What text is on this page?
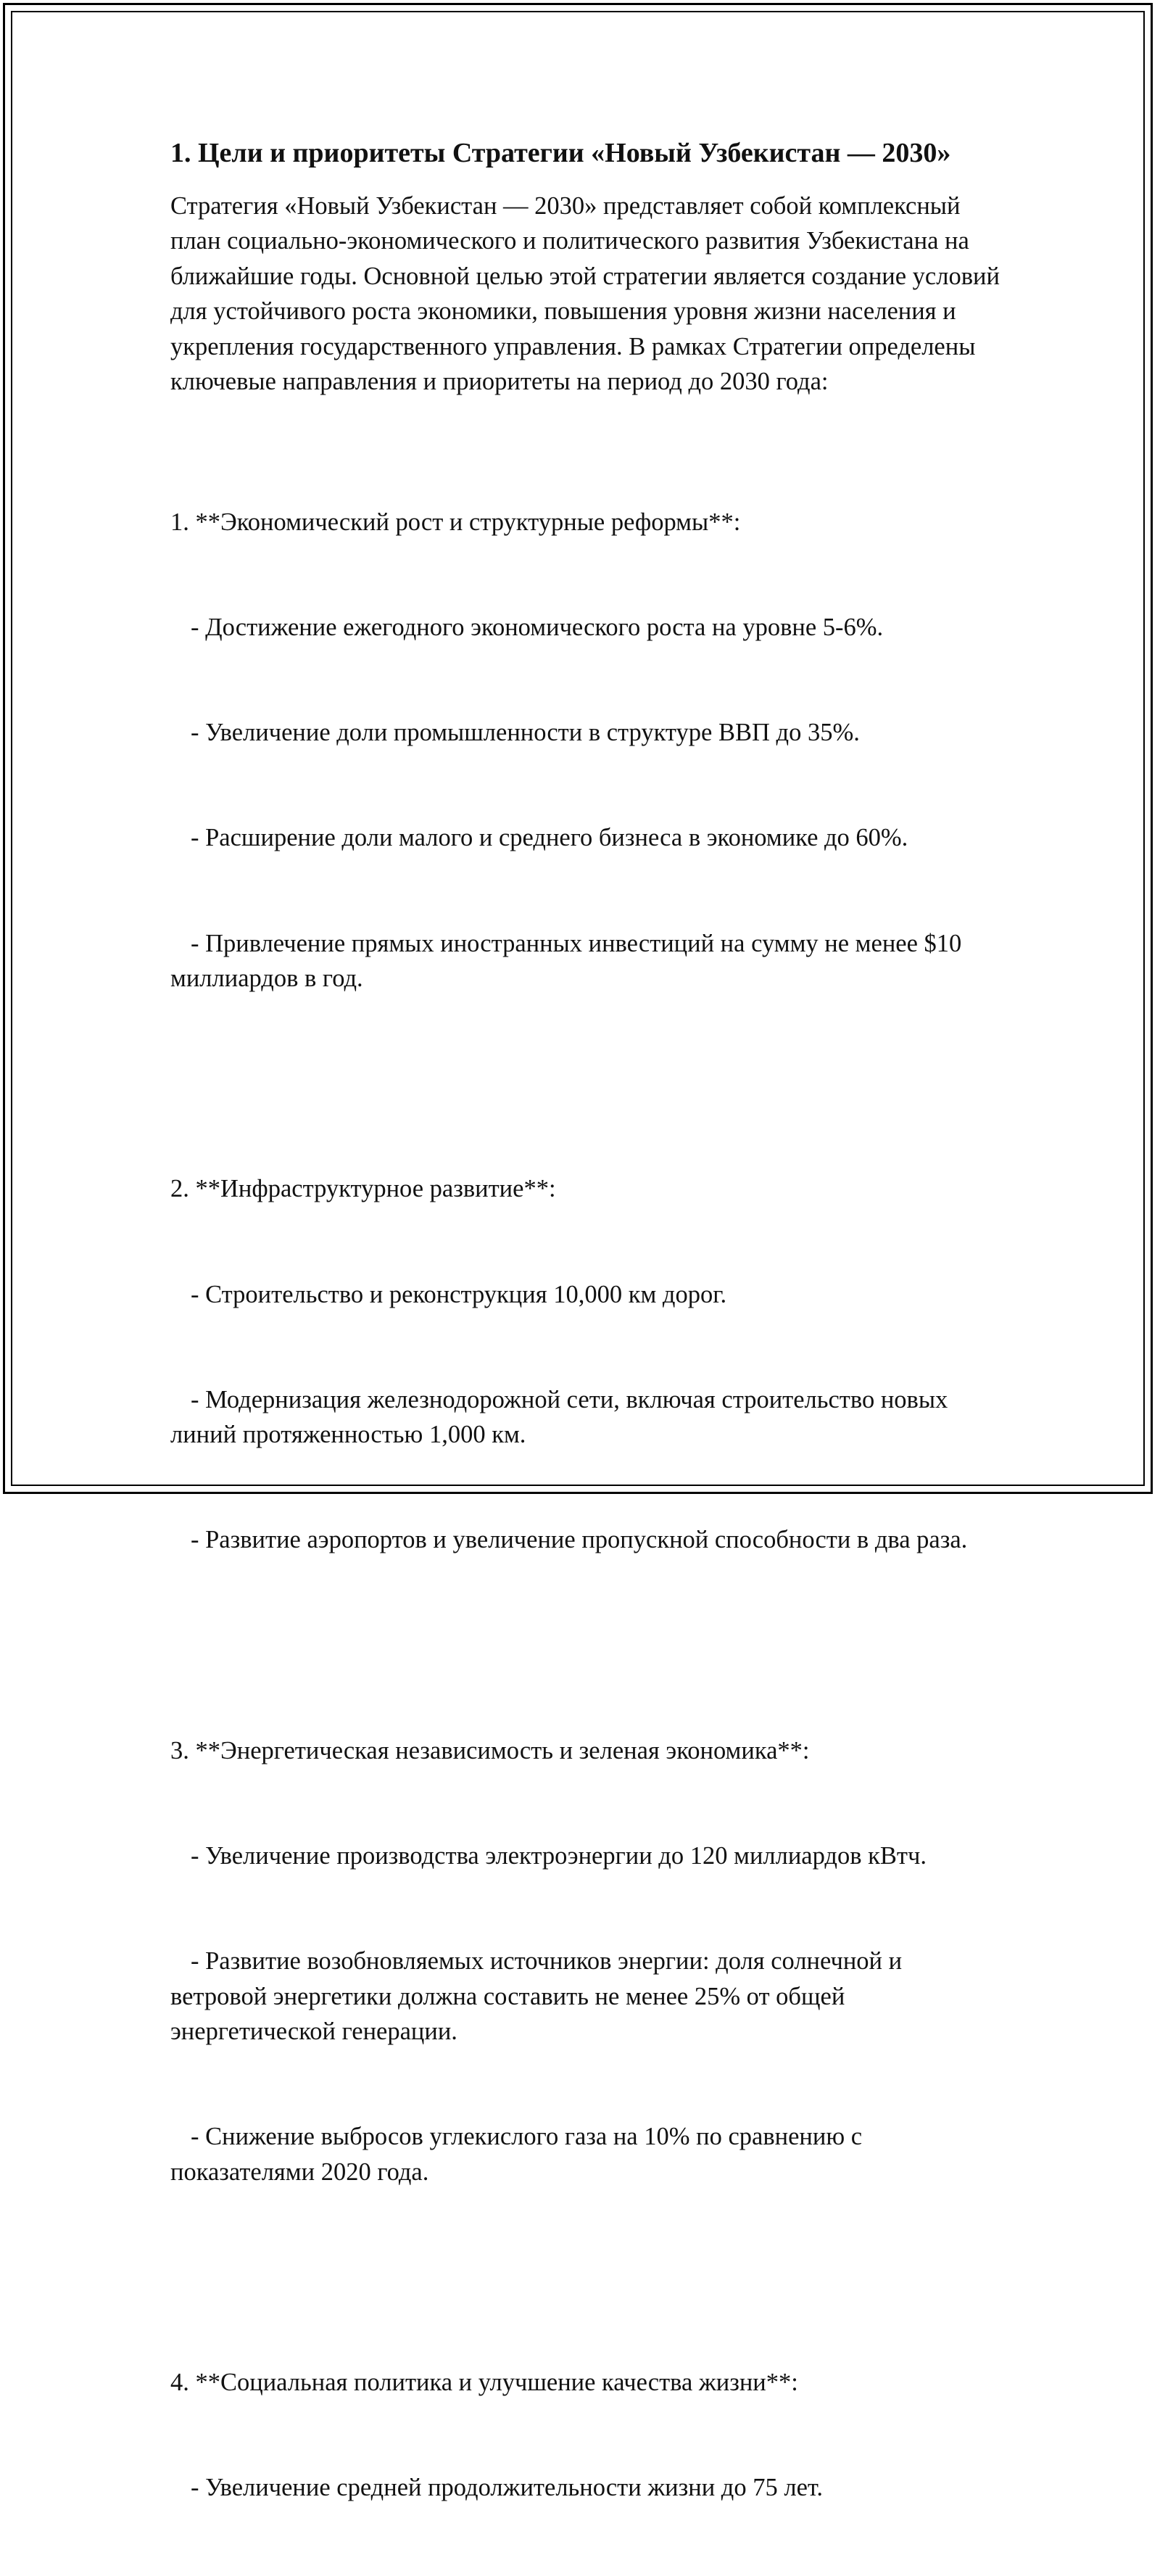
1. Цели и приоритеты Стратегии «Новый Узбекистан — 2030»

Стратегия «Новый Узбекистан — 2030» представляет собой комплексный план социально-экономического и политического развития Узбекистана на ближайшие годы. Основной целью этой стратегии является создание условий для устойчивого роста экономики, повышения уровня жизни населения и укрепления государственного управления. В рамках Стратегии определены ключевые направления и приоритеты на период до 2030 года:

1. **Экономический рост и структурные реформы**:

- Достижение ежегодного экономического роста на уровне 5-6%.

- Увеличение доли промышленности в структуре ВВП до 35%.

- Расширение доли малого и среднего бизнеса в экономике до 60%.

- Привлечение прямых иностранных инвестиций на сумму не менее $10 миллиардов в год.

2. **Инфраструктурное развитие**:

- Строительство и реконструкция 10,000 км дорог.

- Модернизация железнодорожной сети, включая строительство новых линий протяженностью 1,000 км.

- Развитие аэропортов и увеличение пропускной способности в два раза.

3. **Энергетическая независимость и зеленая экономика**:

- Увеличение производства электроэнергии до 120 миллиардов кВтч.

- Развитие возобновляемых источников энергии: доля солнечной и ветровой энергетики должна составить не менее 25% от общей энергетической генерации.

- Снижение выбросов углекислого газа на 10% по сравнению с показателями 2020 года.

4. **Социальная политика и улучшение качества жизни**:

- Увеличение средней продолжительности жизни до 75 лет.
